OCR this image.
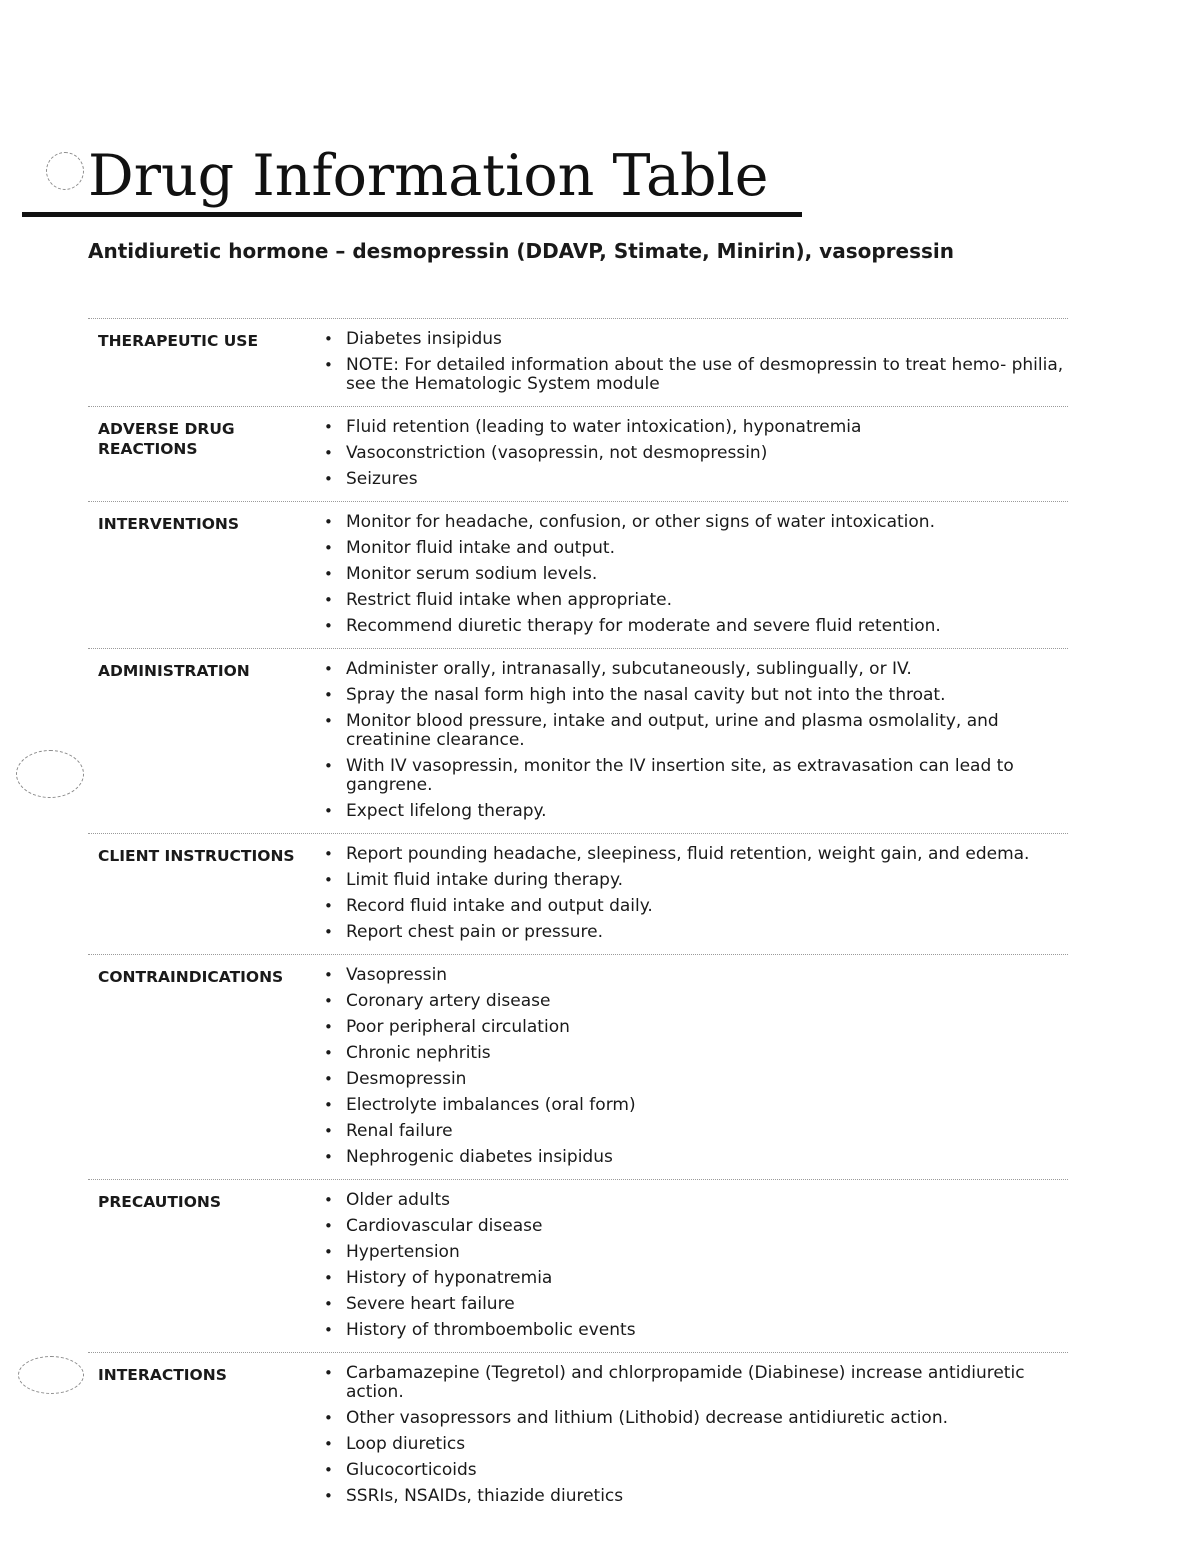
Drug Information Table
Antidiuretic hormone – desmopressin (DDAVP, Stimate, Minirin), vasopressin
THERAPEUTIC USE	• Diabetes insipidus
• NOTE: For detailed information about the use of desmopressin to treat hemo- philia, see the Hematologic System module
ADVERSE DRUG REACTIONS
• Fluid retention (leading to water intoxication), hyponatremia
• Vasoconstriction (vasopressin, not desmopressin)
• Seizures
INTERVENTIONS	• Monitor for headache, confusion, or other signs of water intoxication.
• Monitor fluid intake and output.
• Monitor serum sodium levels.
• Restrict fluid intake when appropriate.
• Recommend diuretic therapy for moderate and severe fluid retention.
ADMINISTRATION	• Administer orally, intranasally, subcutaneously, sublingually, or IV.
• Spray the nasal form high into the nasal cavity but not into the throat.
• Monitor blood pressure, intake and output, urine and plasma osmolality, and creatinine clearance.
• With IV vasopressin, monitor the IV insertion site, as extravasation can lead to gangrene.
• Expect lifelong therapy.
CLIENT INSTRUCTIONS	• Report pounding headache, sleepiness, fluid retention, weight gain, and edema.
• Limit fluid intake during therapy.
• Record fluid intake and output daily.
• Report chest pain or pressure.
CONTRAINDICATIONS	• Vasopressin
• Coronary artery disease
• Poor peripheral circulation
• Chronic nephritis
• Desmopressin
• Electrolyte imbalances (oral form)
• Renal failure
• Nephrogenic diabetes insipidus
PRECAUTIONS	• Older adults
• Cardiovascular disease
• Hypertension
• History of hyponatremia
• Severe heart failure
• History of thromboembolic events
INTERACTIONS	• Carbamazepine (Tegretol) and chlorpropamide (Diabinese) increase antidiuretic action.
• Other vasopressors and lithium (Lithobid) decrease antidiuretic action.
• Loop diuretics
• Glucocorticoids
• SSRIs, NSAIDs, thiazide diuretics
